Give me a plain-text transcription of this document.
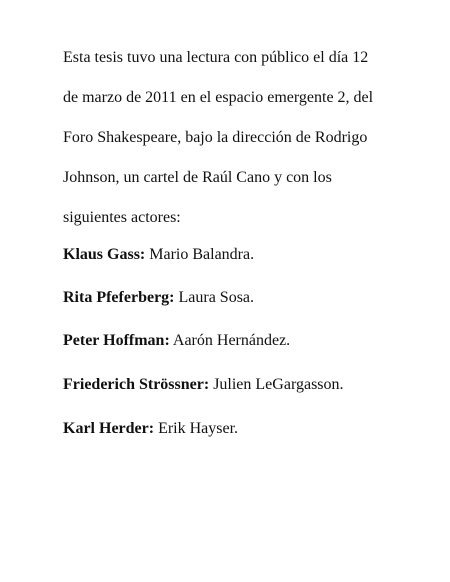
Esta tesis tuvo una lectura con público el día 12
de marzo de 2011 en el espacio emergente 2, del
Foro Shakespeare, bajo la dirección de Rodrigo
Johnson, un cartel de Raúl Cano y con los
siguientes actores:
Klaus Gass: Mario Balandra.
Rita Pfeferberg: Laura Sosa.
Peter Hoffman: Aarón Hernández.
Friederich Strössner: Julien LeGargasson.
Karl Herder: Erik Hayser.
